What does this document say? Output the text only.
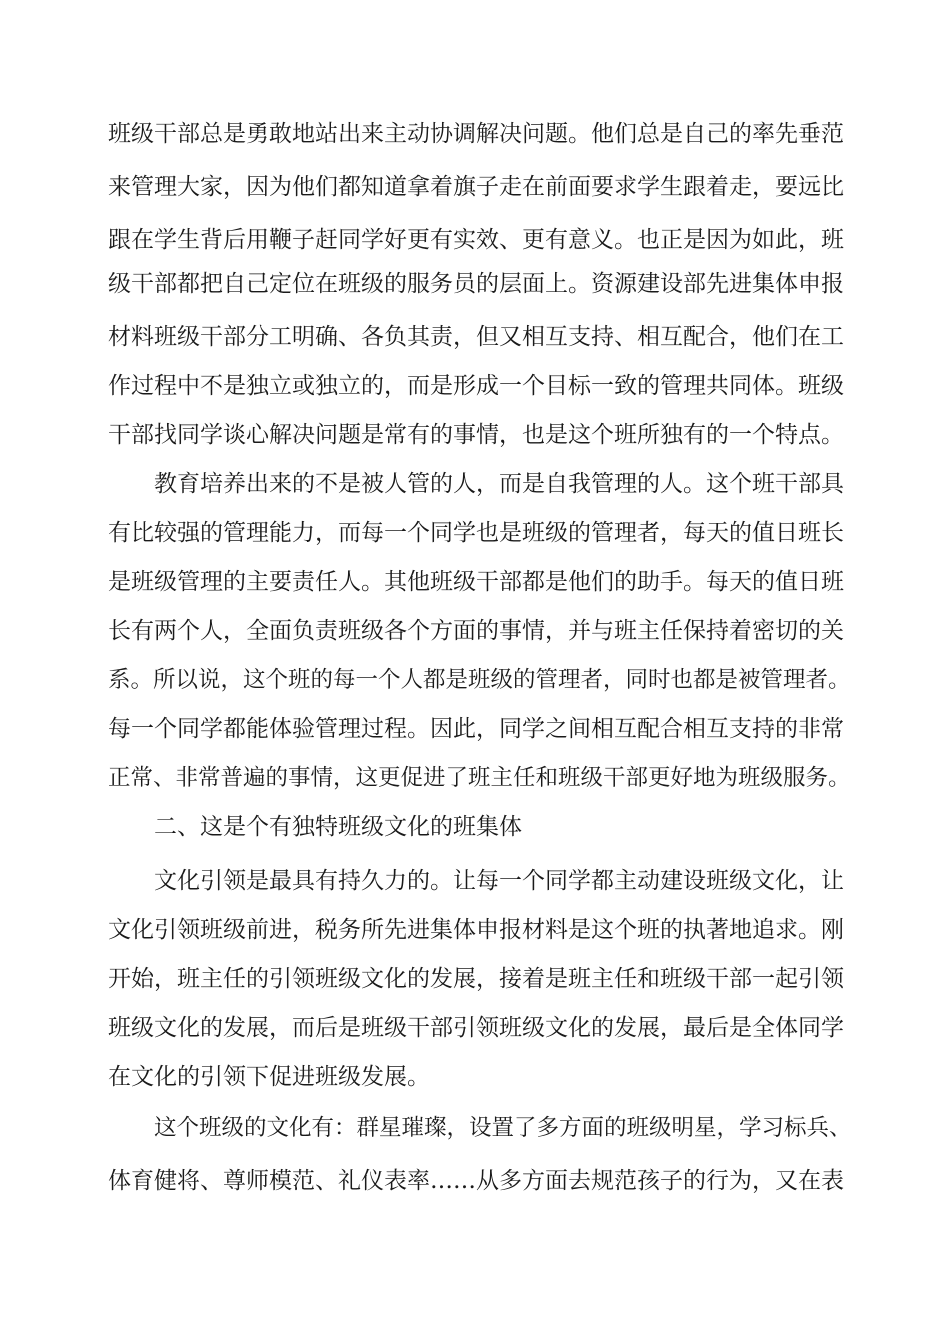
班级干部总是勇敢地站出来主动协调解决问题。他们总是自己的率先垂范

来管理大家，因为他们都知道拿着旗子走在前面要求学生跟着走，要远比

跟在学生背后用鞭子赶同学好更有实效、更有意义。也正是因为如此，班

级干部都把自己定位在班级的服务员的层面上。资源建设部先进集体申报

材料班级干部分工明确、各负其责，但又相互支持、相互配合，他们在工

作过程中不是独立或独立的，而是形成一个目标一致的管理共同体。班级

干部找同学谈心解决问题是常有的事情，也是这个班所独有的一个特点。

教育培养出来的不是被人管的人，而是自我管理的人。这个班干部具

有比较强的管理能力，而每一个同学也是班级的管理者，每天的值日班长

是班级管理的主要责任人。其他班级干部都是他们的助手。每天的值日班

长有两个人，全面负责班级各个方面的事情，并与班主任保持着密切的关

系。所以说，这个班的每一个人都是班级的管理者，同时也都是被管理者。

每一个同学都能体验管理过程。因此，同学之间相互配合相互支持的非常

正常、非常普遍的事情，这更促进了班主任和班级干部更好地为班级服务。

二、这是个有独特班级文化的班集体

文化引领是最具有持久力的。让每一个同学都主动建设班级文化，让

文化引领班级前进，税务所先进集体申报材料是这个班的执著地追求。刚

开始，班主任的引领班级文化的发展，接着是班主任和班级干部一起引领

班级文化的发展，而后是班级干部引领班级文化的发展，最后是全体同学

在文化的引领下促进班级发展。

这个班级的文化有：群星璀璨，设置了多方面的班级明星，学习标兵、

体育健将、尊师模范、礼仪表率……从多方面去规范孩子的行为，又在表
